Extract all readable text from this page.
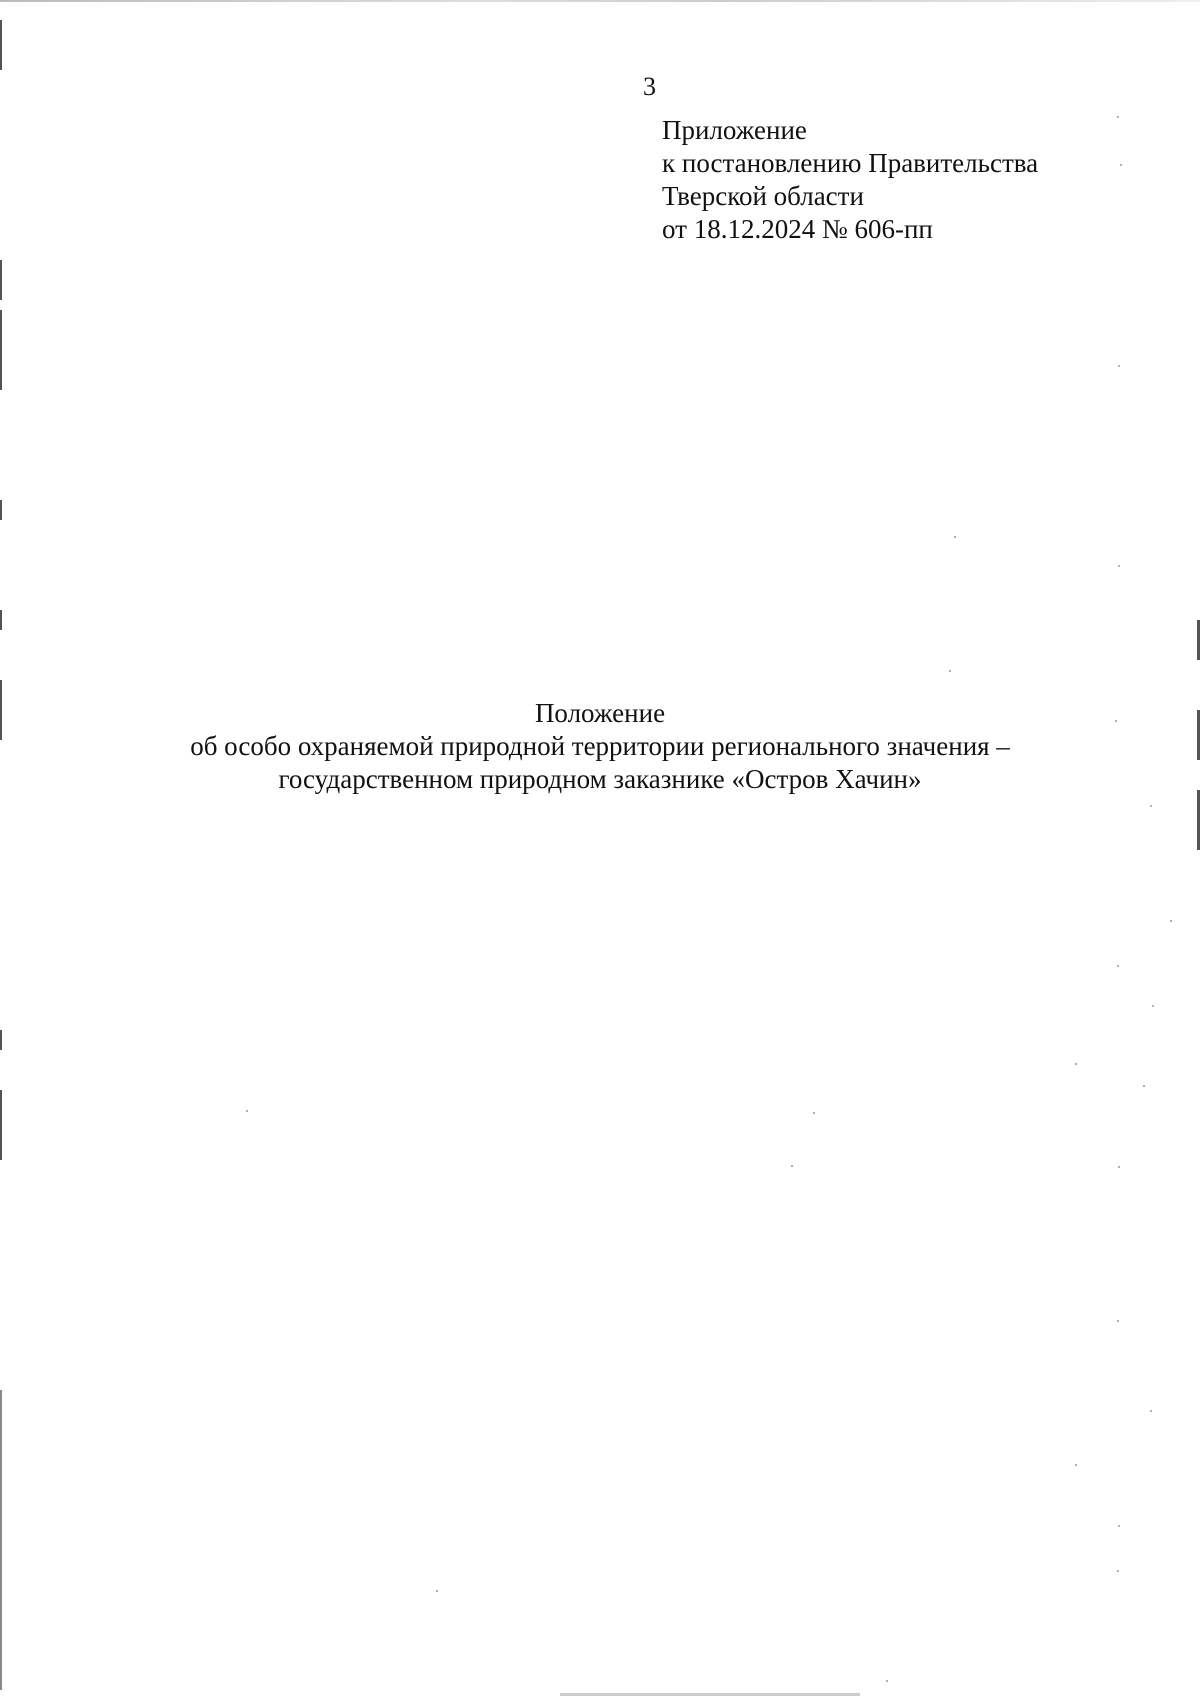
3
Приложение
к постановлению Правительства
Тверской области
от 18.12.2024 № 606-пп
Положение
об особо охраняемой природной территории регионального значения –
государственном природном заказнике «Остров Хачин»
